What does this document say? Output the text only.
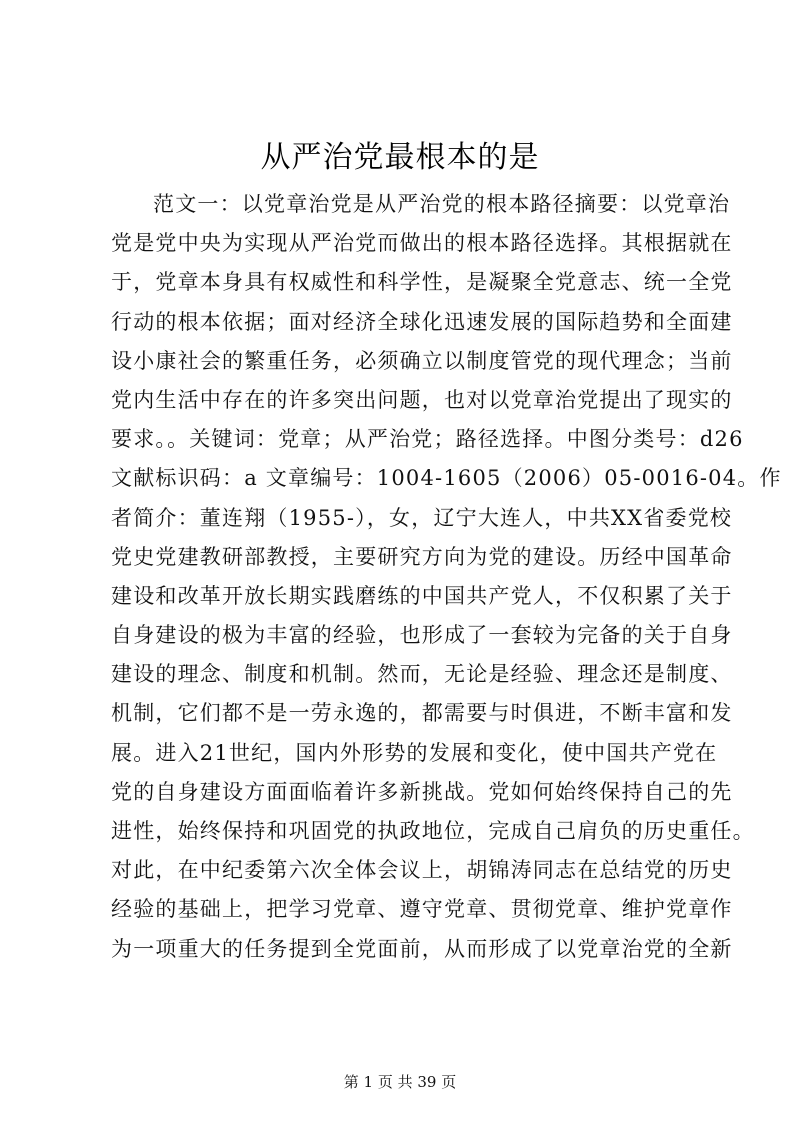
从严治党最根本的是
范文一：以党章治党是从严治党的根本路径摘要：以党章治
党是党中央为实现从严治党而做出的根本路径选择。其根据就在
于，党章本身具有权威性和科学性，是凝聚全党意志、统一全党
行动的根本依据；面对经济全球化迅速发展的国际趋势和全面建
设小康社会的繁重任务，必须确立以制度管党的现代理念；当前
党内生活中存在的许多突出问题，也对以党章治党提出了现实的
要求。。关键词：党章；从严治党；路径选择。中图分类号：d26
文献标识码：a 文章编号：1004-1605（2006）05-0016-04。作
者简介：董连翔（1955-），女，辽宁大连人，中共XX省委党校
党史党建教研部教授，主要研究方向为党的建设。历经中国革命
建设和改革开放长期实践磨练的中国共产党人，不仅积累了关于
自身建设的极为丰富的经验，也形成了一套较为完备的关于自身
建设的理念、制度和机制。然而，无论是经验、理念还是制度、
机制，它们都不是一劳永逸的，都需要与时俱进，不断丰富和发
展。进入21世纪，国内外形势的发展和变化，使中国共产党在
党的自身建设方面面临着许多新挑战。党如何始终保持自己的先
进性，始终保持和巩固党的执政地位，完成自己肩负的历史重任。
对此，在中纪委第六次全体会议上，胡锦涛同志在总结党的历史
经验的基础上，把学习党章、遵守党章、贯彻党章、维护党章作
为一项重大的任务提到全党面前，从而形成了以党章治党的全新
第 1 页 共 39 页
